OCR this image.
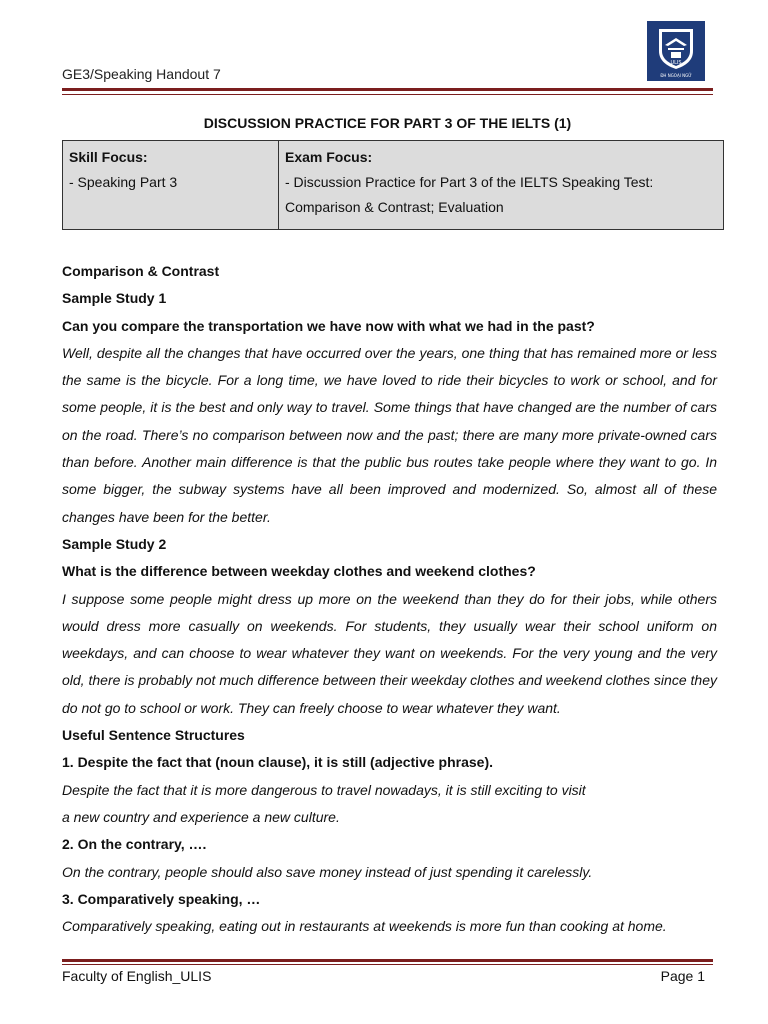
GE3/Speaking Handout 7
ULIS
ĐH NGOẠI NGỮ
DISCUSSION PRACTICE FOR PART 3 OF THE IELTS (1)
Skill Focus:
- Speaking Part 3

Exam Focus:
- Discussion Practice for Part 3 of the IELTS Speaking Test:
Comparison & Contrast; Evaluation

Comparison & Contrast

Sample Study 1

Can you compare the transportation we have now with what we had in the past?

Well, despite all the changes that have occurred over the years, one thing that has remained more or less the same is the bicycle. For a long time, we have loved to ride their bicycles to work or school, and for some people, it is the best and only way to travel. Some things that have changed are the number of cars on the road. There’s no comparison between now and the past; there are many more private-owned cars than before. Another main difference is that the public bus routes take people where they want to go. In some bigger, the subway systems have all been improved and modernized. So, almost all of these changes have been for the better.

Sample Study 2

What is the difference between weekday clothes and weekend clothes?

I suppose some people might dress up more on the weekend than they do for their jobs, while others would dress more casually on weekends. For students, they usually wear their school uniform on weekdays, and can choose to wear whatever they want on weekends. For the very young and the very old, there is probably not much difference between their weekday clothes and weekend clothes since they do not go to school or work. They can freely choose to wear whatever they want.

Useful Sentence Structures

1. Despite the fact that (noun clause), it is still (adjective phrase).

Despite the fact that it is more dangerous to travel nowadays, it is still exciting to visit

a new country and experience a new culture.

2. On the contrary, ….

On the contrary, people should also save money instead of just spending it carelessly.

3. Comparatively speaking, …

Comparatively speaking, eating out in restaurants at weekends is more fun than cooking at home.

Faculty of English_ULIS	Page 1
